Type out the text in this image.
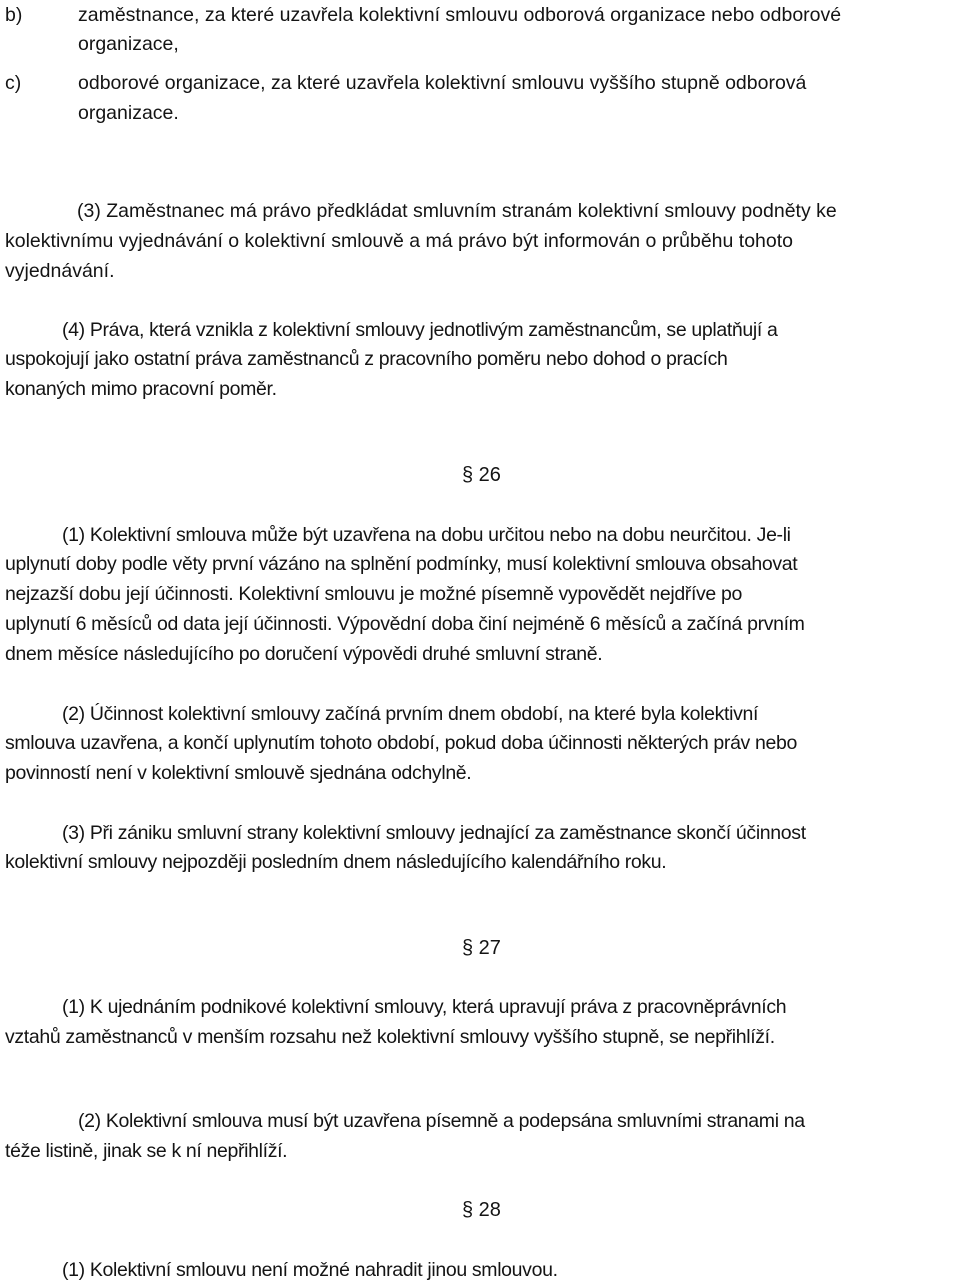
b)	zaměstnance, za které uzavřela kolektivní smlouvu odborová organizace nebo odborové
organizace,
c)	odborové organizace, za které uzavřela kolektivní smlouvu vyššího stupně odborová
organizace.
(3) Zaměstnanec má právo předkládat smluvním stranám kolektivní smlouvy podněty ke
kolektivnímu vyjednávání o kolektivní smlouvě a má právo být informován o průběhu tohoto
vyjednávání.
(4) Práva, která vznikla z kolektivní smlouvy jednotlivým zaměstnancům, se uplatňují a
uspokojují jako ostatní práva zaměstnanců z pracovního poměru nebo dohod o pracích
konaných mimo pracovní poměr.
§ 26
(1) Kolektivní smlouva může být uzavřena na dobu určitou nebo na dobu neurčitou. Je-li
uplynutí doby podle věty první vázáno na splnění podmínky, musí kolektivní smlouva obsahovat
nejzazší dobu její účinnosti. Kolektivní smlouvu je možné písemně vypovědět nejdříve po
uplynutí 6 měsíců od data její účinnosti. Výpovědní doba činí nejméně 6 měsíců a začíná prvním
dnem měsíce následujícího po doručení výpovědi druhé smluvní straně.
(2) Účinnost kolektivní smlouvy začíná prvním dnem období, na které byla kolektivní
smlouva uzavřena, a končí uplynutím tohoto období, pokud doba účinnosti některých práv nebo
povinností není v kolektivní smlouvě sjednána odchylně.
(3) Při zániku smluvní strany kolektivní smlouvy jednající za zaměstnance skončí účinnost
kolektivní smlouvy nejpozději posledním dnem následujícího kalendářního roku.
§ 27
(1) K ujednáním podnikové kolektivní smlouvy, která upravují práva z pracovněprávních
vztahů zaměstnanců v menším rozsahu než kolektivní smlouvy vyššího stupně, se nepřihlíží.
(2) Kolektivní smlouva musí být uzavřena písemně a podepsána smluvními stranami na
téže listině, jinak se k ní nepřihlíží.
§ 28
(1) Kolektivní smlouvu není možné nahradit jinou smlouvou.
